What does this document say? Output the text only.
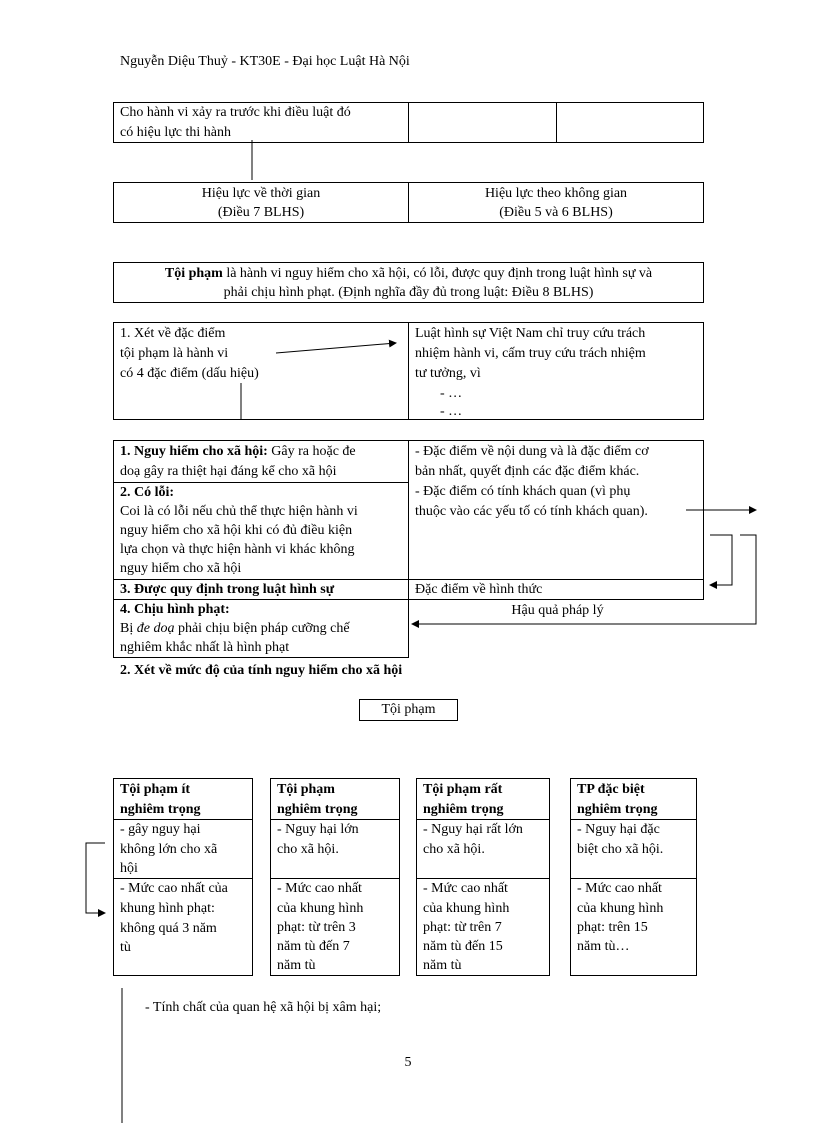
Nguyễn Diệu Thuỷ - KT30E - Đại học Luật Hà Nội
Cho hành vi xảy ra trước khi điều luật đó
có hiệu lực thi hành
Hiệu lực về thời gian
(Điều 7 BLHS)
Hiệu lực theo không gian
(Điều 5 và 6 BLHS)
Tội phạm là hành vi nguy hiểm cho xã hội, có lỗi, được quy định trong luật hình sự và
phải chịu hình phạt. (Định nghĩa đầy đủ trong luật: Điều 8 BLHS)
1. Xét về đặc điểm
tội phạm là hành vi
có 4 đặc điểm (dấu hiệu)
Luật hình sự Việt Nam chỉ truy cứu trách
nhiệm hành vi, cấm truy cứu trách nhiệm
tư tưởng, vì
- …
- …
1. Nguy hiểm cho xã hội: Gây ra hoặc đe
doạ gây ra thiệt hại đáng kể cho xã hội
2. Có lỗi:
Coi là có lỗi nếu chủ thể thực hiện hành vi
nguy hiểm cho xã hội khi có đủ điều kiện
lựa chọn và thực hiện hành vi khác không
nguy hiểm cho xã hội
- Đặc điểm về nội dung và là đặc điểm cơ
bản nhất, quyết định các đặc điểm khác.
- Đặc điểm có tính khách quan (vì phụ
thuộc vào các yếu tố có tính khách quan).
3. Được quy định trong luật hình sự	Đặc điểm về hình thức
4. Chịu hình phạt:
Bị đe doạ phải chịu biện pháp cưỡng chế
nghiêm khắc nhất là hình phạt
Hậu quả pháp lý
2. Xét về mức độ của tính nguy hiểm cho xã hội
Tội phạm
Tội phạm ít
nghiêm trọng
- gây nguy hại
không lớn cho xã
hội
- Mức cao nhất của
khung hình phạt:
không quá 3 năm
tù
Tội phạm
nghiêm trọng
- Nguy hại lớn
cho xã hội.
- Mức cao nhất
của khung hình
phạt: từ trên 3
năm tù đến 7
năm tù
Tội phạm rất
nghiêm trọng
- Nguy hại rất lớn
cho xã hội.
- Mức cao nhất
của khung hình
phạt: từ trên 7
năm tù đến 15
năm tù
TP đặc biệt
nghiêm trọng
- Nguy hại đặc
biệt cho xã hội.
- Mức cao nhất
của khung hình
phạt: trên 15
năm tù…
- Tính chất của quan hệ xã hội bị xâm hại;
5
